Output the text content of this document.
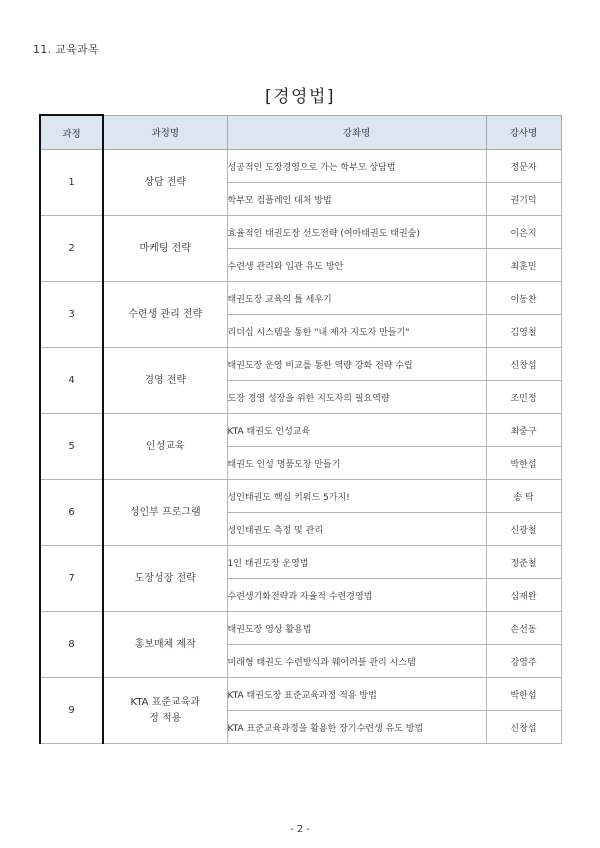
11. 교육과목
[경영법]
과정	과정명	강좌명	강사명
1	상담 전략	성공적인 도장경영으로 가는 학부모 상담법	정문자
		학부모 컴플레인 대처 방법	권기덕
2	마케팅 전략	효율적인 태권도장 선도전략 (여아태권도 태권숲)	이은지
		수련생 관리와 입관 유도 방안	최훈민
3	수련생 관리 전략	태권도장 교육의 틀 세우기	이동찬
		리더십 시스템을 통한 "내 제자 지도자 만들기"	김영철
4	경영 전략	태권도장 운영 비교를 통한 역량 강화 전략 수립	신창섭
		도장 경영 성장을 위한 지도자의 필요역량	조민정
5	인성교육	KTA 태권도 인성교육	최중구
		태권도 인성 명품도장 만들기	박한섭
6	성인부 프로그램	성인태권도 핵심 키워드 5가지!	송 탁
		성인태권도 측정 및 관리	신광철
7	도장성장 전략	1인 태권도장 운영법	정준철
		수련생기화전략과 자율적 수련경영법	심재완
8	홍보매체 제작	태권도장 영상 활용법	손선동
		미래형 태권도 수련방식과 웨어러블 관리 시스템	강영주
9	KTA 표준교육과정 적용	KTA 태권도장 표준교육과정 적용 방법	박한섭
		KTA 표준교육과정을 활용한 장기수련생 유도 방법	신창섭
- 2 -
